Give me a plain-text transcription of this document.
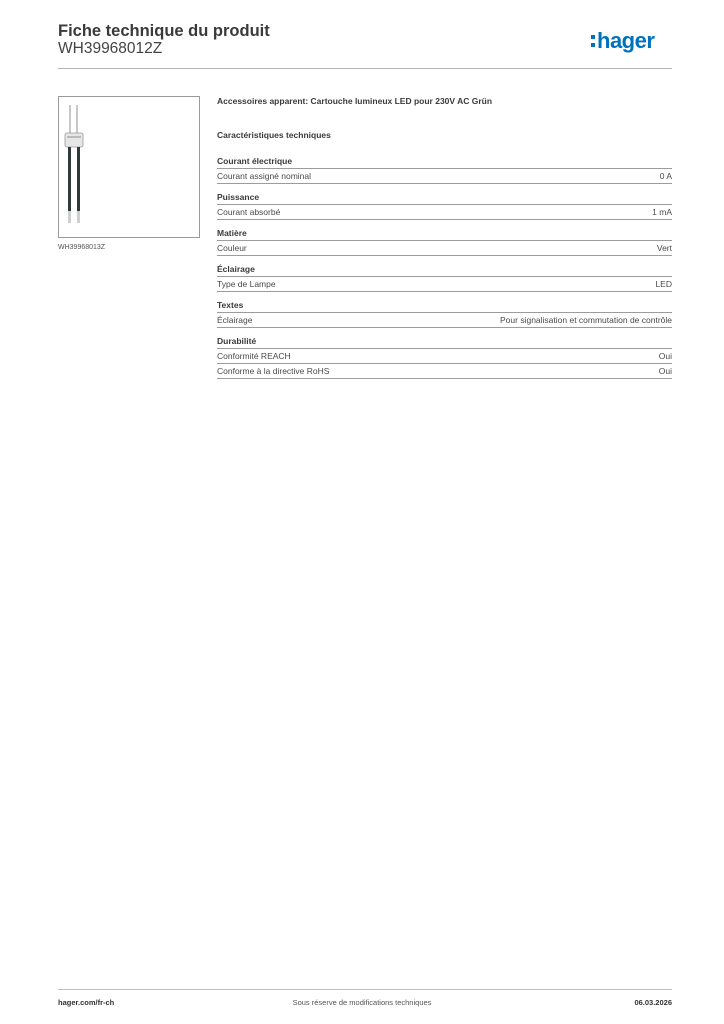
Fiche technique du produit
WH39968012Z	hager
WH39968013Z
Accessoires apparent: Cartouche lumineux LED pour 230V AC Grün
Caractéristiques techniques
Courant électrique
Courant assigné nominal	0 A
Puissance
Courant absorbé	1 mA
Matière
Couleur	Vert
Éclairage
Type de Lampe	LED
Textes
Éclairage	Pour signalisation et commutation de contrôle
Durabilité
Conformité REACH	Oui
Conforme à la directive RoHS	Oui
hager.com/fr-ch	Sous réserve de modifications techniques	06.03.2026
